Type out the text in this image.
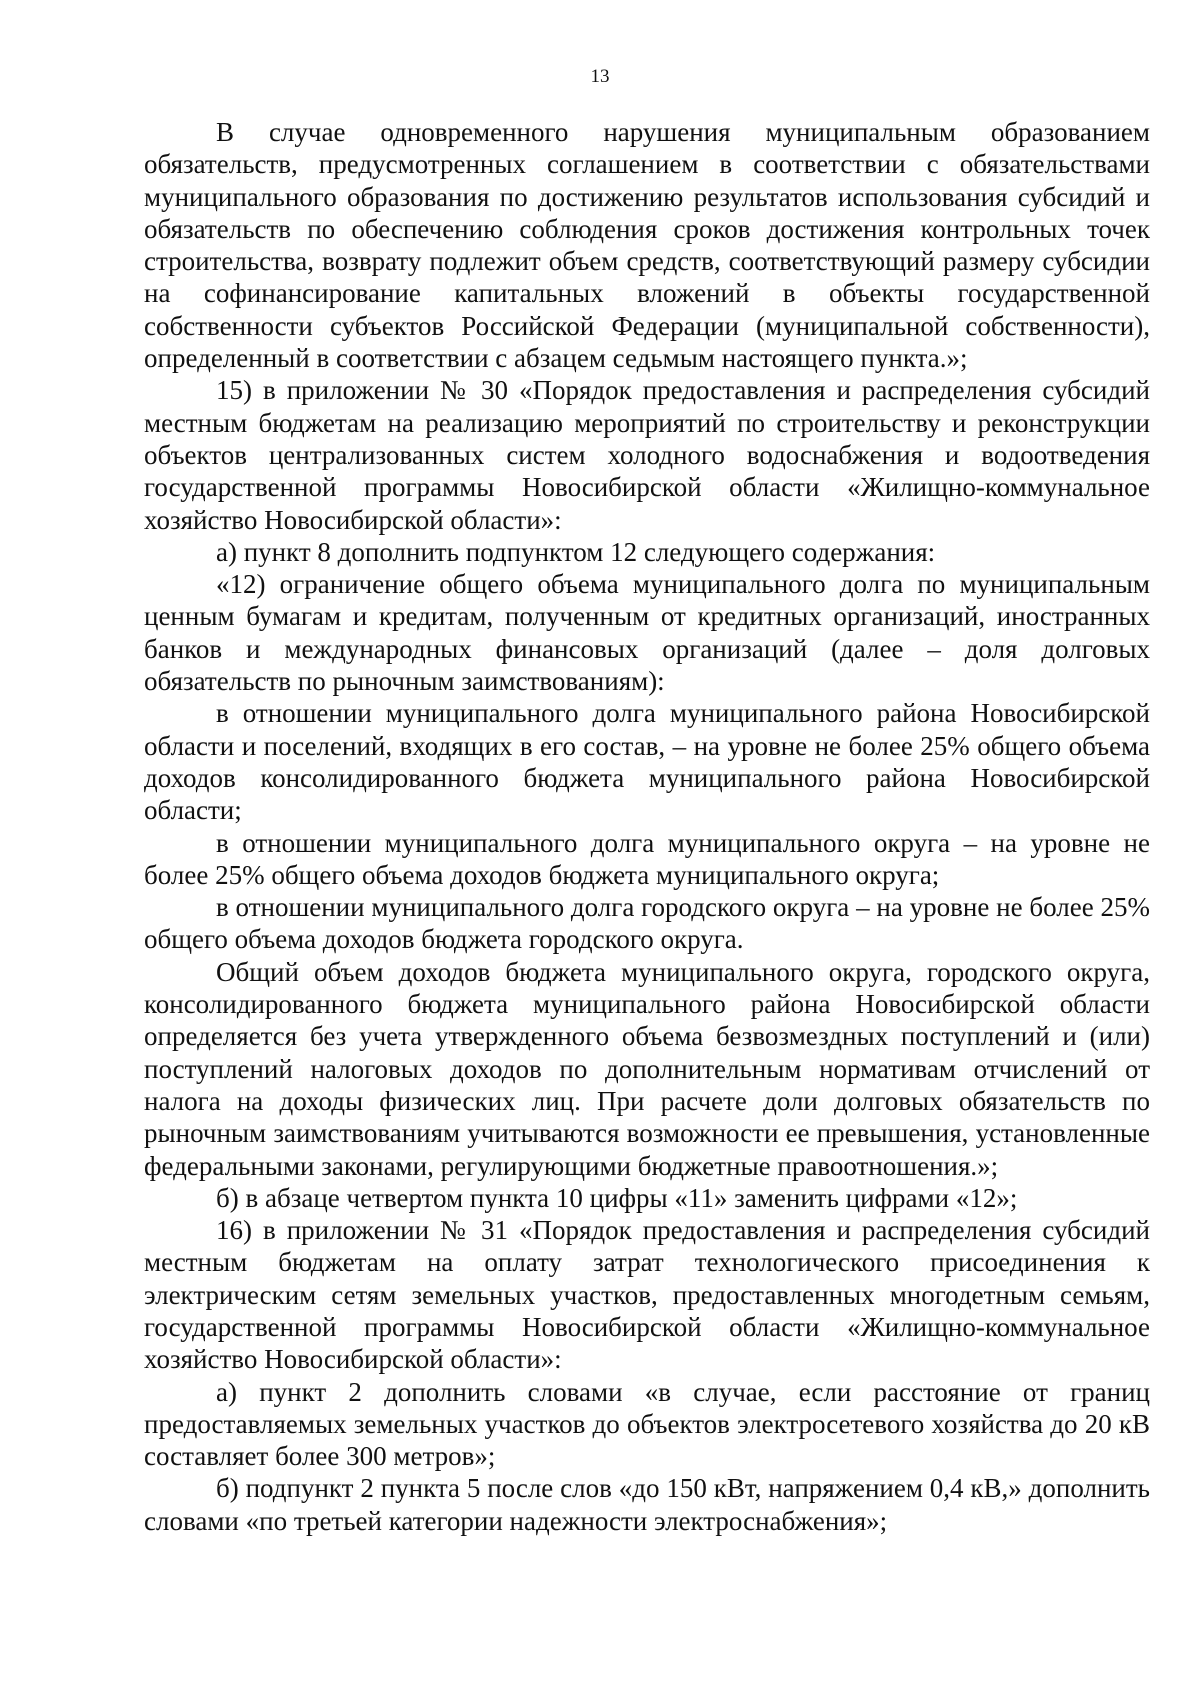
13

В случае одновременного нарушения муниципальным образованием обязательств, предусмотренных соглашением в соответствии с обязательствами муниципального образования по достижению результатов использования субсидий и обязательств по обеспечению соблюдения сроков достижения контрольных точек строительства, возврату подлежит объем средств, соответствующий размеру субсидии на софинансирование капитальных вложений в объекты государственной собственности субъектов Российской Федерации (муниципальной собственности), определенный в соответствии с абзацем седьмым настоящего пункта.»;

15) в приложении № 30 «Порядок предоставления и распределения субсидий местным бюджетам на реализацию мероприятий по строительству и реконструкции объектов централизованных систем холодного водоснабжения и водоотведения государственной программы Новосибирской области «Жилищно-коммунальное хозяйство Новосибирской области»:

а) пункт 8 дополнить подпунктом 12 следующего содержания:

«12) ограничение общего объема муниципального долга по муниципальным ценным бумагам и кредитам, полученным от кредитных организаций, иностранных банков и международных финансовых организаций (далее – доля долговых обязательств по рыночным заимствованиям):

в отношении муниципального долга муниципального района Новосибирской области и поселений, входящих в его состав, – на уровне не более 25% общего объема доходов консолидированного бюджета муниципального района Новосибирской области;

в отношении муниципального долга муниципального округа – на уровне не более 25% общего объема доходов бюджета муниципального округа;

в отношении муниципального долга городского округа – на уровне не более 25% общего объема доходов бюджета городского округа.

Общий объем доходов бюджета муниципального округа, городского округа, консолидированного бюджета муниципального района Новосибирской области определяется без учета утвержденного объема безвозмездных поступлений и (или) поступлений налоговых доходов по дополнительным нормативам отчислений от налога на доходы физических лиц. При расчете доли долговых обязательств по рыночным заимствованиям учитываются возможности ее превышения, установленные федеральными законами, регулирующими бюджетные правоотношения.»;

б) в абзаце четвертом пункта 10 цифры «11» заменить цифрами «12»;

16) в приложении № 31 «Порядок предоставления и распределения субсидий местным бюджетам на оплату затрат технологического присоединения к электрическим сетям земельных участков, предоставленных многодетным семьям, государственной программы Новосибирской области «Жилищно-коммунальное хозяйство Новосибирской области»:

а) пункт 2 дополнить словами «в случае, если расстояние от границ предоставляемых земельных участков до объектов электросетевого хозяйства до 20 кВ составляет более 300 метров»;

б) подпункт 2 пункта 5 после слов «до 150 кВт, напряжением 0,4 кВ,» дополнить словами «по третьей категории надежности электроснабжения»;
